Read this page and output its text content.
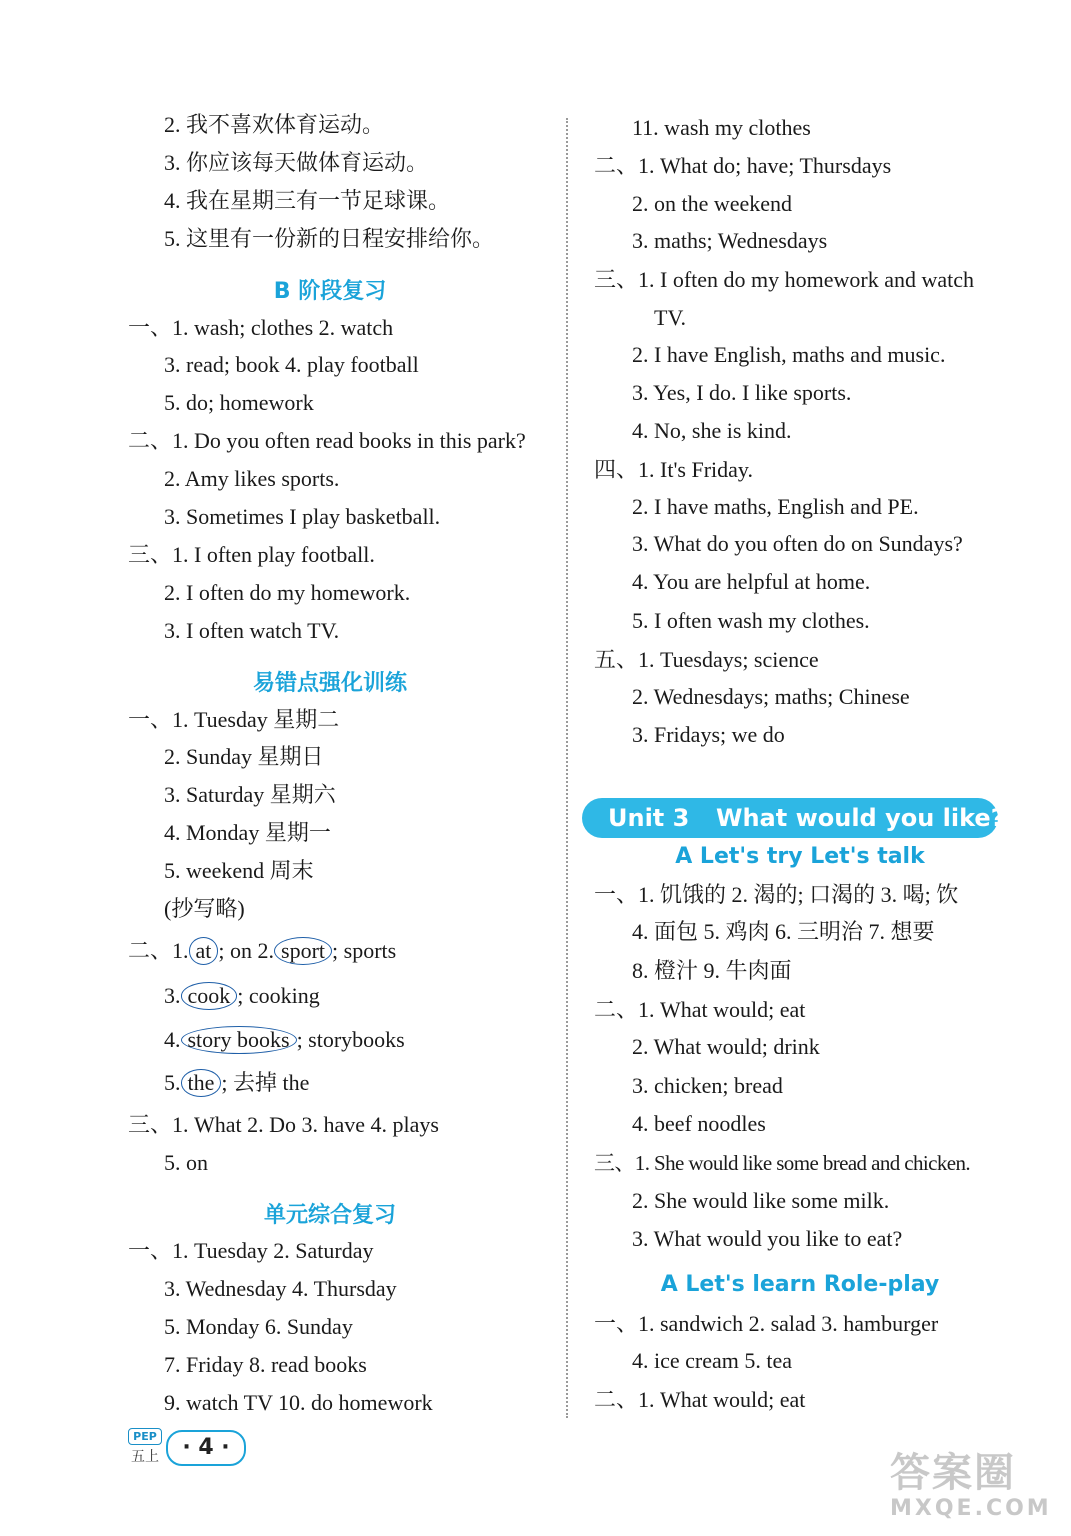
2. 我不喜欢体育运动。
3. 你应该每天做体育运动。
4. 我在星期三有一节足球课。
5. 这里有一份新的日程安排给你。
B 阶段复习
一、1. wash; clothes 2. watch
3. read; book 4. play football
5. do; homework
二、1. Do you often read books in this park?
2. Amy likes sports.
3. Sometimes I play basketball.
三、1. I often play football.
2. I often do my homework.
3. I often watch TV.
易错点强化训练
一、1. Tuesday 星期二
2. Sunday 星期日
3. Saturday 星期六
4. Monday 星期一
5. weekend 周末
(抄写略)
二、1. at ; on 2. sport ; sports
3. cook ; cooking
4. story books ; storybooks
5. the ; 去掉 the
三、1. What 2. Do 3. have 4. plays
5. on
单元综合复习
一、1. Tuesday 2. Saturday
3. Wednesday 4. Thursday
5. Monday 6. Sunday
7. Friday 8. read books
9. watch TV 10. do homework
11. wash my clothes
二、1. What do; have; Thursdays
2. on the weekend
3. maths; Wednesdays
三、1. I often do my homework and watch
TV.
2. I have English, maths and music.
3. Yes, I do. I like sports.
4. No, she is kind.
四、1. It's Friday.
2. I have maths, English and PE.
3. What do you often do on Sundays?
4. You are helpful at home.
5. I often wash my clothes.
五、1. Tuesdays; science
2. Wednesdays; maths; Chinese
3. Fridays; we do
Unit 3 What would you like?
A Let's try Let's talk
一、1. 饥饿的 2. 渴的; 口渴的 3. 喝; 饮
4. 面包 5. 鸡肉 6. 三明治 7. 想要
8. 橙汁 9. 牛肉面
二、1. What would; eat
2. What would; drink
3. chicken; bread
4. beef noodles
三、1. She would like some bread and chicken.
2. She would like some milk.
3. What would you like to eat?
A Let's learn Role-play
一、1. sandwich 2. salad 3. hamburger
4. ice cream 5. tea
二、1. What would; eat
PEP
五上	· 4 ·
答案圈
MXQE.COM
